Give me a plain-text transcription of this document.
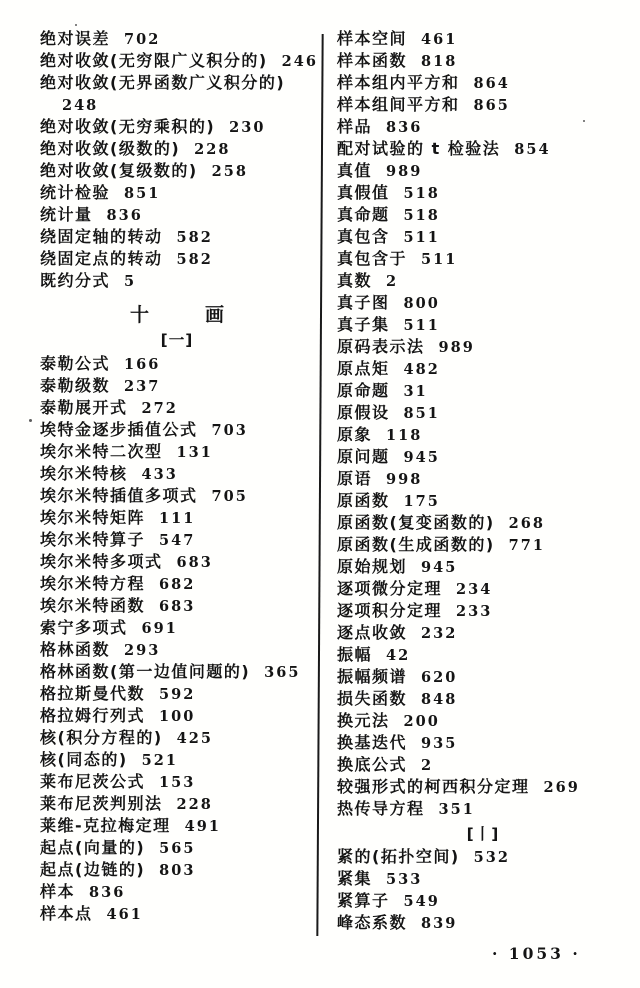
绝对误差 702
绝对收敛(无穷限广义积分的) 246
绝对收敛(无界函数广义积分的)
248
绝对收敛(无穷乘积的) 230
绝对收敛(级数的) 228
绝对收敛(复级数的) 258
统计检验 851
统计量 836
绕固定轴的转动 582
绕固定点的转动 582
既约分式 5
十	画
[一]
泰勒公式 166
泰勒级数 237
泰勒展开式 272
埃特金逐步插值公式 703
埃尔米特二次型 131
埃尔米特核 433
埃尔米特插值多项式 705
埃尔米特矩阵 111
埃尔米特算子 547
埃尔米特多项式 683
埃尔米特方程 682
埃尔米特函数 683
索宁多项式 691
格林函数 293
格林函数(第一边值问题的) 365
格拉斯曼代数 592
格拉姆行列式 100
核(积分方程的) 425
核(同态的) 521
莱布尼茨公式 153
莱布尼茨判别法 228
莱维-克拉梅定理 491
起点(向量的) 565
起点(边链的) 803
样本 836
样本点 461
样本空间 461
样本函数 818
样本组内平方和 864
样本组间平方和 865
样品 836
配对试验的 t 检验法 854
真值 989
真假值 518
真命题 518
真包含 511
真包含于 511
真数 2
真子图 800
真子集 511
原码表示法 989
原点矩 482
原命题 31
原假设 851
原象 118
原问题 945
原语 998
原函数 175
原函数(复变函数的) 268
原函数(生成函数的) 771
原始规划 945
逐项微分定理 234
逐项积分定理 233
逐点收敛 232
振幅 42
振幅频谱 620
损失函数 848
换元法 200
换基迭代 935
换底公式 2
较强形式的柯西积分定理 269
热传导方程 351
[丨]
紧的(拓扑空间) 532
紧集 533
紧算子 549
峰态系数 839
· 1053 ·
